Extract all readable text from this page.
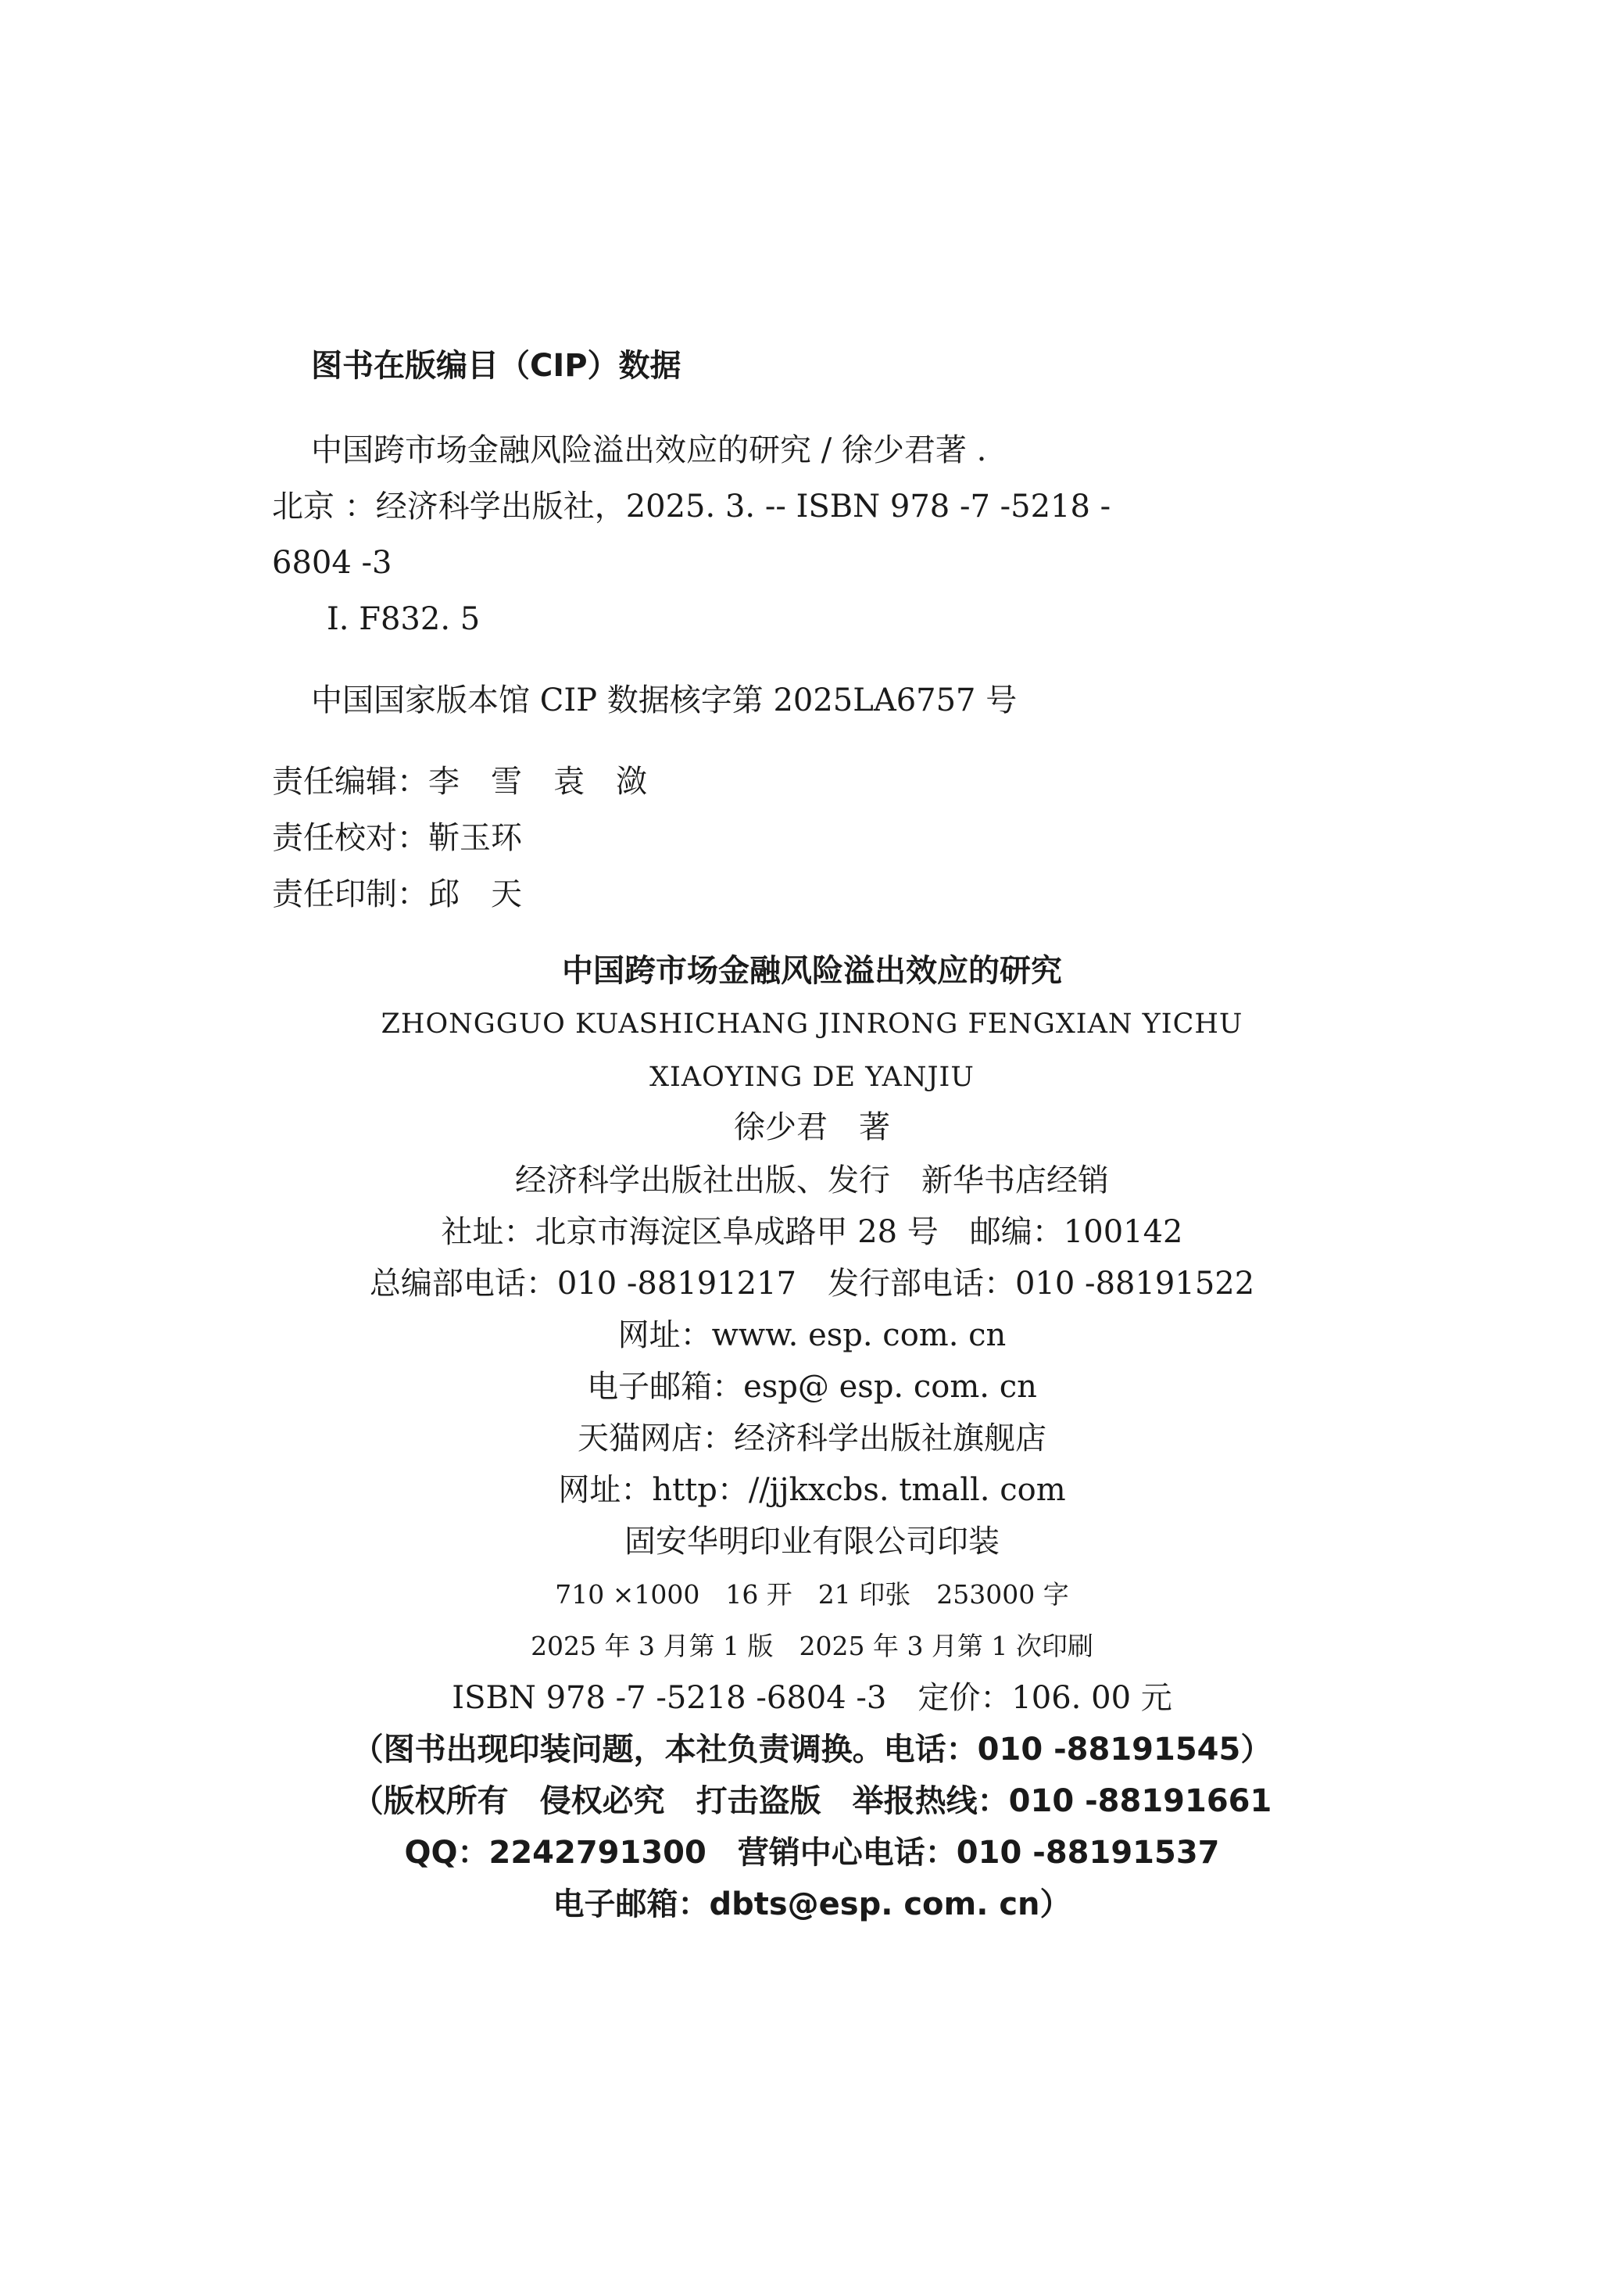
图书在版编目（CIP）数据
中国跨市场金融风险溢出效应的研究 / 徐少君著 .
北京 ：经济科学出版社，2025. 3. -- ISBN 978 -7 -5218 -
6804 -3
Ⅰ. F832. 5
中国国家版本馆 CIP 数据核字第 2025LA6757 号
责任编辑：李　雪　袁　潋
责任校对：靳玉环
责任印制：邱　天
中国跨市场金融风险溢出效应的研究
ZHONGGUO KUASHICHANG JINRONG FENGXIAN YICHU
XIAOYING DE YANJIU
徐少君　著
经济科学出版社出版、发行　新华书店经销
社址：北京市海淀区阜成路甲 28 号　邮编：100142
总编部电话：010 -88191217　发行部电话：010 -88191522
网址：www. esp. com. cn
电子邮箱：esp@ esp. com. cn
天猫网店：经济科学出版社旗舰店
网址：http：//jjkxcbs. tmall. com
固安华明印业有限公司印装
710 ×1000　16 开　21 印张　253000 字
2025 年 3 月第 1 版　2025 年 3 月第 1 次印刷
ISBN 978 -7 -5218 -6804 -3　定价：106. 00 元
（图书出现印装问题，本社负责调换。电话：010 -88191545）
（版权所有　侵权必究　打击盗版　举报热线：010 -88191661
QQ：2242791300　营销中心电话：010 -88191537
电子邮箱：dbts@esp. com. cn）
